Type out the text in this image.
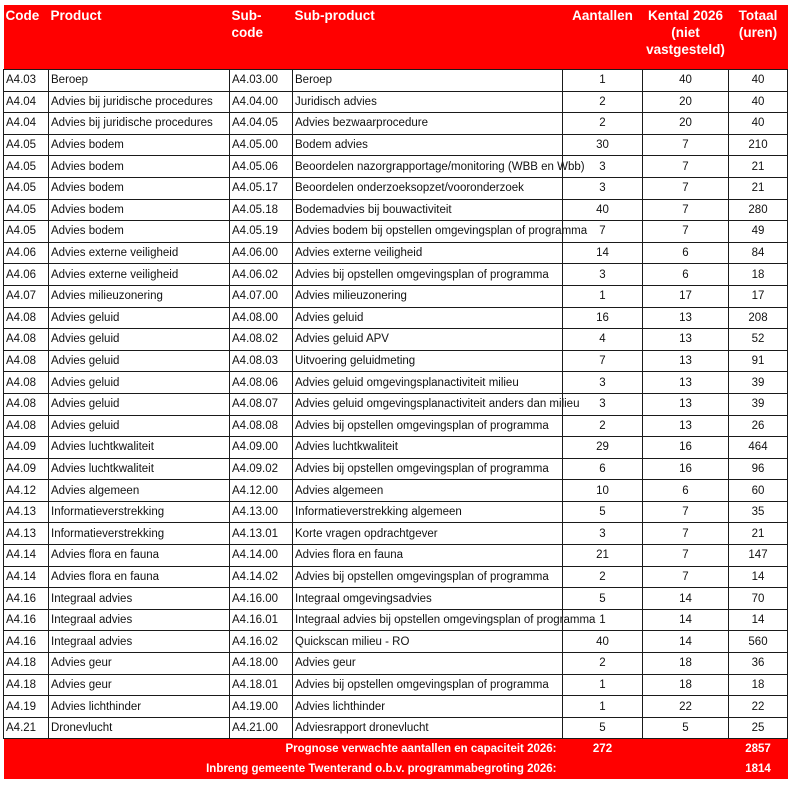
Code	Product	Sub-code	Sub-product	Aantallen	Kental 2026 (niet vastgesteld)	Totaal (uren)
A4.03	Beroep	A4.03.00	Beroep	1	40	40
A4.04	Advies bij juridische procedures	A4.04.00	Juridisch advies	2	20	40
A4.04	Advies bij juridische procedures	A4.04.05	Advies bezwaarprocedure	2	20	40
A4.05	Advies bodem	A4.05.00	Bodem advies	30	7	210
A4.05	Advies bodem	A4.05.06	Beoordelen nazorgrapportage/monitoring (WBB en Wbb)	3	7	21
A4.05	Advies bodem	A4.05.17	Beoordelen onderzoeksopzet/vooronderzoek	3	7	21
A4.05	Advies bodem	A4.05.18	Bodemadvies bij bouwactiviteit	40	7	280
A4.05	Advies bodem	A4.05.19	Advies bodem bij opstellen omgevingsplan of programma	7	7	49
A4.06	Advies externe veiligheid	A4.06.00	Advies externe veiligheid	14	6	84
A4.06	Advies externe veiligheid	A4.06.02	Advies bij opstellen omgevingsplan of programma	3	6	18
A4.07	Advies milieuzonering	A4.07.00	Advies milieuzonering	1	17	17
A4.08	Advies geluid	A4.08.00	Advies geluid	16	13	208
A4.08	Advies geluid	A4.08.02	Advies geluid APV	4	13	52
A4.08	Advies geluid	A4.08.03	Uitvoering geluidmeting	7	13	91
A4.08	Advies geluid	A4.08.06	Advies geluid omgevingsplanactiviteit milieu	3	13	39
A4.08	Advies geluid	A4.08.07	Advies geluid omgevingsplanactiviteit anders dan milieu	3	13	39
A4.08	Advies geluid	A4.08.08	Advies bij opstellen omgevingsplan of programma	2	13	26
A4.09	Advies luchtkwaliteit	A4.09.00	Advies luchtkwaliteit	29	16	464
A4.09	Advies luchtkwaliteit	A4.09.02	Advies bij opstellen omgevingsplan of programma	6	16	96
A4.12	Advies algemeen	A4.12.00	Advies algemeen	10	6	60
A4.13	Informatieverstrekking	A4.13.00	Informatieverstrekking algemeen	5	7	35
A4.13	Informatieverstrekking	A4.13.01	Korte vragen opdrachtgever	3	7	21
A4.14	Advies flora en fauna	A4.14.00	Advies flora en fauna	21	7	147
A4.14	Advies flora en fauna	A4.14.02	Advies bij opstellen omgevingsplan of programma	2	7	14
A4.16	Integraal advies	A4.16.00	Integraal omgevingsadvies	5	14	70
A4.16	Integraal advies	A4.16.01	Integraal advies bij opstellen omgevingsplan of programma	1	14	14
A4.16	Integraal advies	A4.16.02	Quickscan milieu - RO	40	14	560
A4.18	Advies geur	A4.18.00	Advies geur	2	18	36
A4.18	Advies geur	A4.18.01	Advies bij opstellen omgevingsplan of programma	1	18	18
A4.19	Advies lichthinder	A4.19.00	Advies lichthinder	1	22	22
A4.21	Dronevlucht	A4.21.00	Adviesrapport dronevlucht	5	5	25
Prognose verwachte aantallen en capaciteit 2026:				272		2857
Inbreng gemeente Twenterand o.b.v. programmabegroting 2026:						1814
